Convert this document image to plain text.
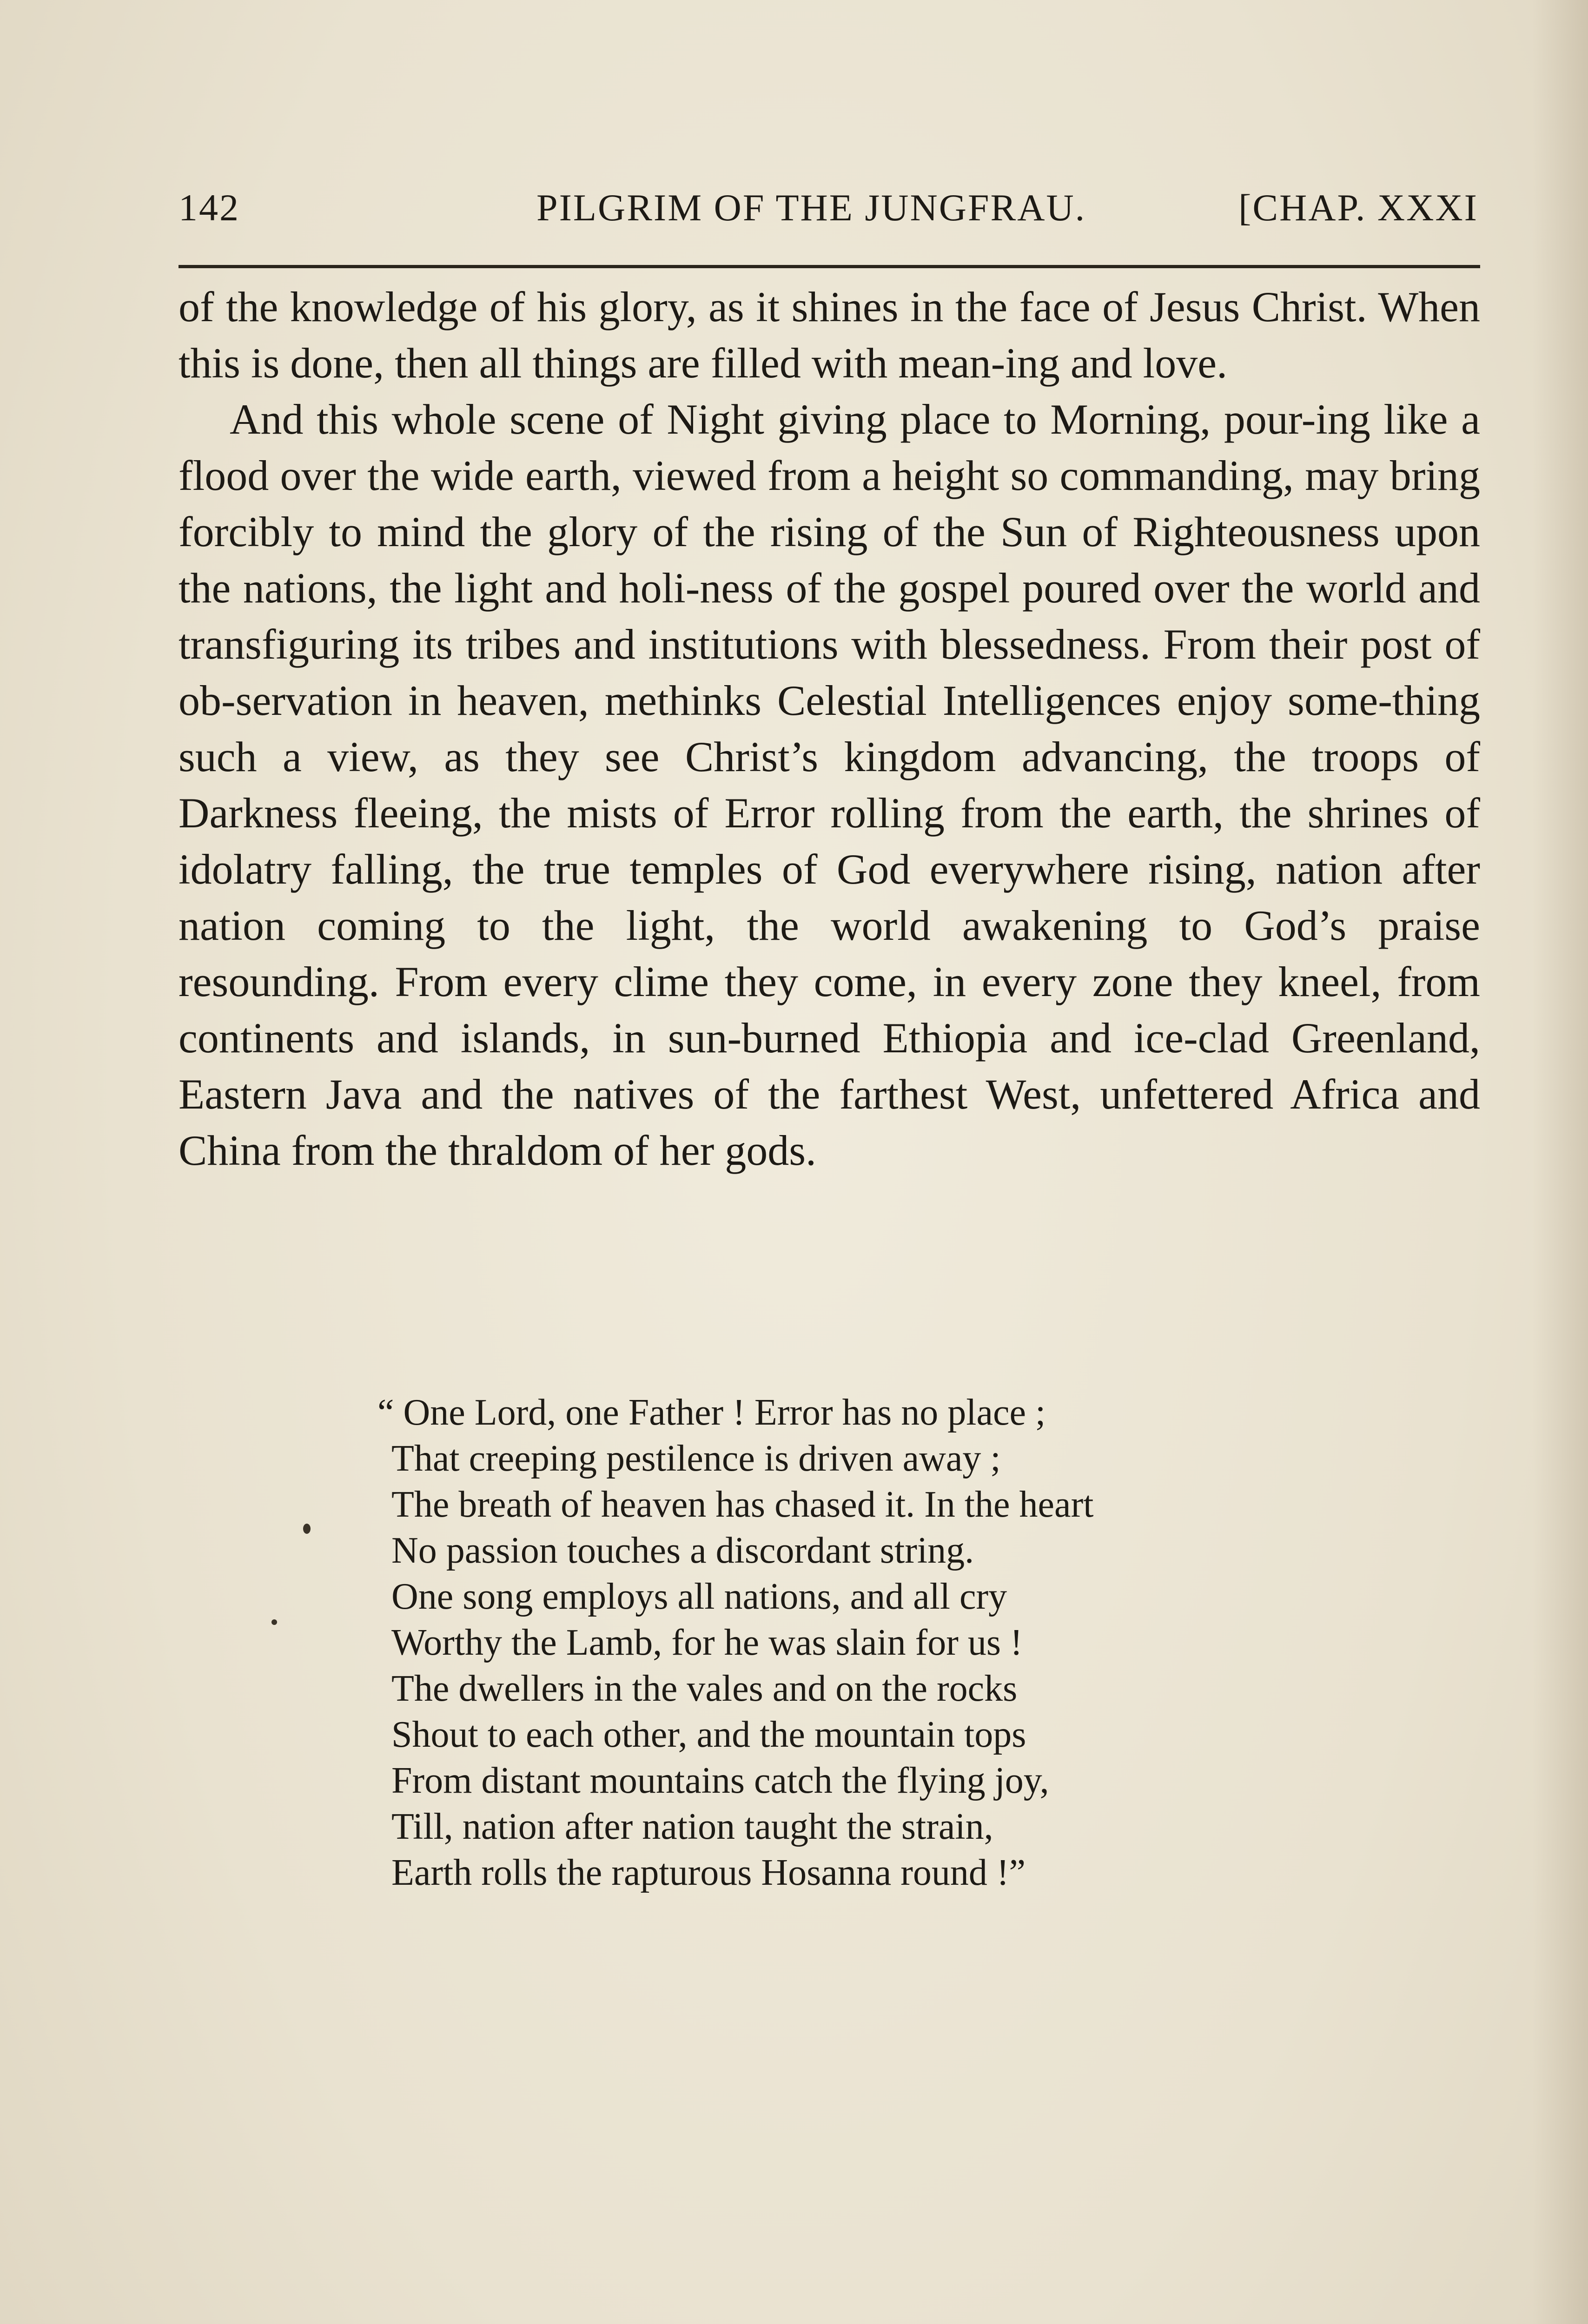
142	PILGRIM OF THE JUNGFRAU.	[CHAP. XXXI

of the knowledge of his glory, as it shines in the face of Jesus Christ. When this is done, then all things are filled with mean-ing and love.

And this whole scene of Night giving place to Morning, pour-ing like a flood over the wide earth, viewed from a height so commanding, may bring forcibly to mind the glory of the rising of the Sun of Righteousness upon the nations, the light and holi-ness of the gospel poured over the world and transfiguring its tribes and institutions with blessedness. From their post of ob-servation in heaven, methinks Celestial Intelligences enjoy some-thing such a view, as they see Christ’s kingdom advancing, the troops of Darkness fleeing, the mists of Error rolling from the earth, the shrines of idolatry falling, the true temples of God everywhere rising, nation after nation coming to the light, the world awakening to God’s praise resounding. From every clime they come, in every zone they kneel, from continents and islands, in sun-burned Ethiopia and ice-clad Greenland, Eastern Java and the natives of the farthest West, unfettered Africa and China from the thraldom of her gods.

“ One Lord, one Father ! Error has no place ;
That creeping pestilence is driven away ;
The breath of heaven has chased it. In the heart
No passion touches a discordant string.
One song employs all nations, and all cry
Worthy the Lamb, for he was slain for us !
The dwellers in the vales and on the rocks
Shout to each other, and the mountain tops
From distant mountains catch the flying joy,
Till, nation after nation taught the strain,
Earth rolls the rapturous Hosanna round !”
